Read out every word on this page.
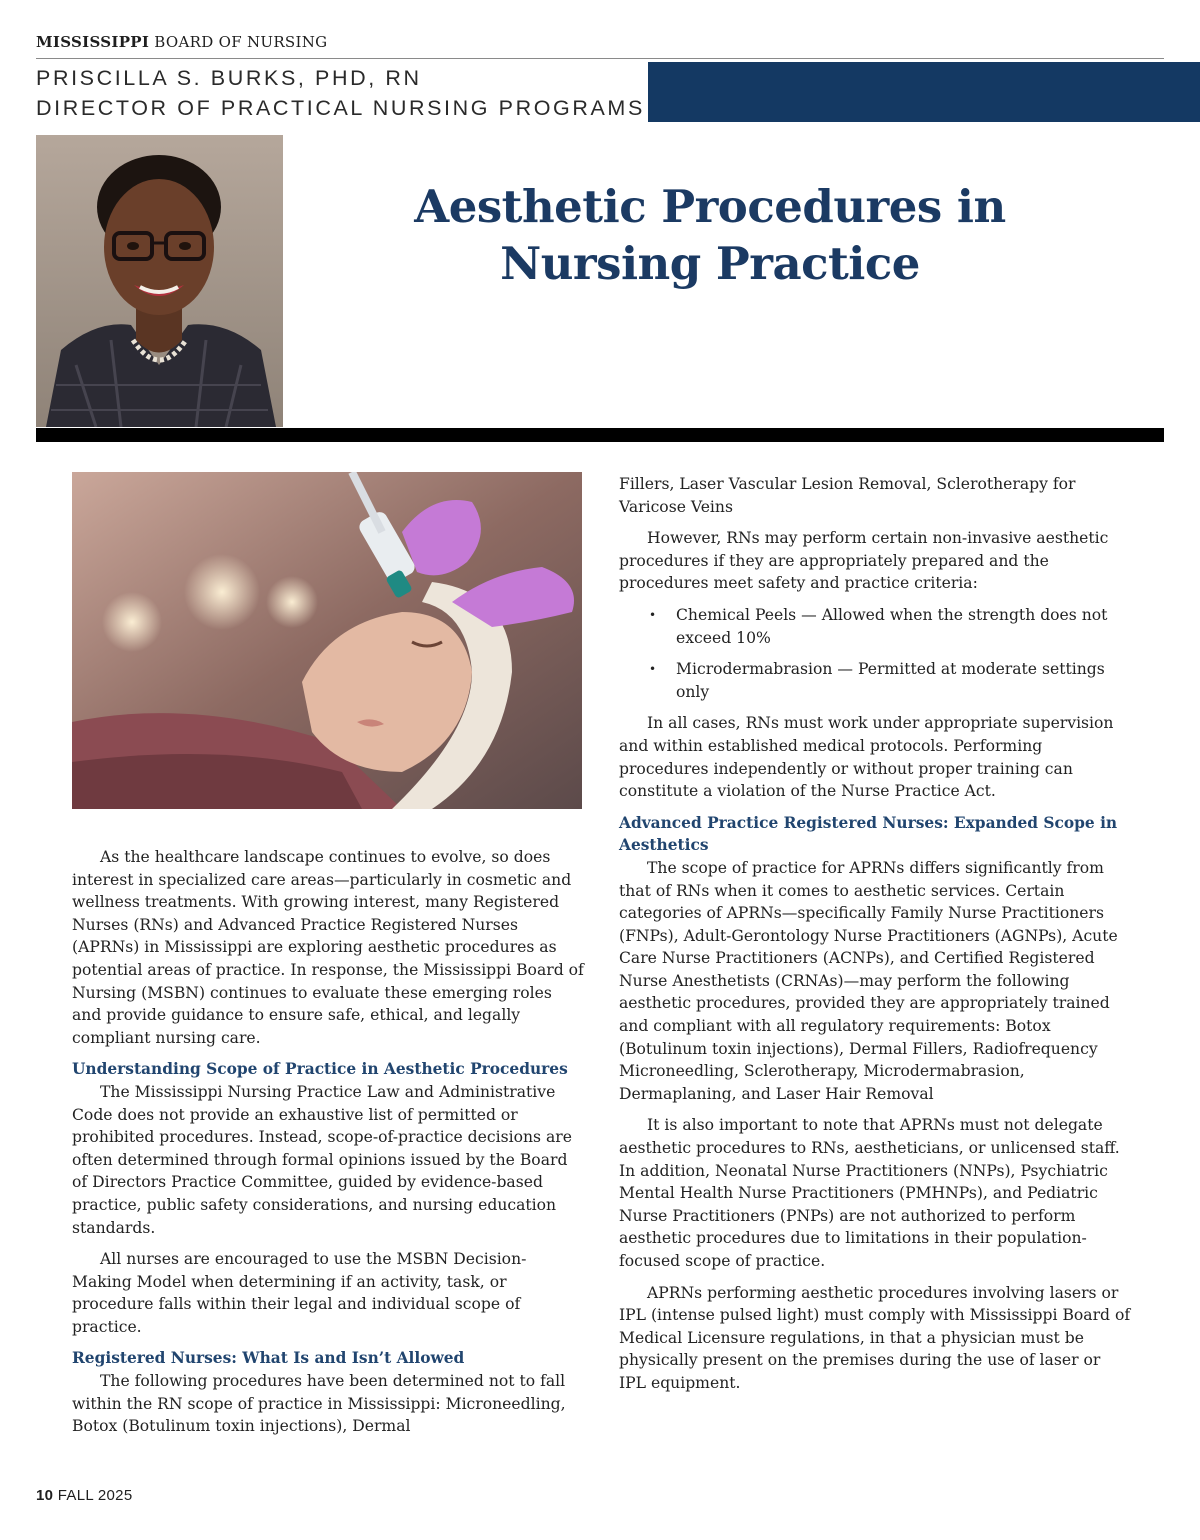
MISSISSIPPI BOARD OF NURSING
PRISCILLA S. BURKS, PHD, RN
DIRECTOR OF PRACTICAL NURSING PROGRAMS
Aesthetic Procedures in
Nursing Practice

As the healthcare landscape continues to evolve, so does interest in specialized care areas—particularly in cosmetic and wellness treatments. With growing interest, many Registered Nurses (RNs) and Advanced Practice Registered Nurses (APRNs) in Mississippi are exploring aesthetic procedures as potential areas of practice. In response, the Mississippi Board of Nursing (MSBN) continues to evaluate these emerging roles and provide guidance to ensure safe, ethical, and legally compliant nursing care.

Understanding Scope of Practice in Aesthetic Procedures

The Mississippi Nursing Practice Law and Administrative Code does not provide an exhaustive list of permitted or prohibited procedures. Instead, scope-of-practice decisions are often determined through formal opinions issued by the Board of Directors Practice Committee, guided by evidence-based practice, public safety considerations, and nursing education standards.

All nurses are encouraged to use the MSBN Decision-Making Model when determining if an activity, task, or procedure falls within their legal and individual scope of practice.

Registered Nurses: What Is and Isn’t Allowed

The following procedures have been determined not to fall within the RN scope of practice in Mississippi: Microneedling, Botox (Botulinum toxin injections), Dermal

Fillers, Laser Vascular Lesion Removal, Sclerotherapy for Varicose Veins

However, RNs may perform certain non-invasive aesthetic procedures if they are appropriately prepared and the procedures meet safety and practice criteria:

• Chemical Peels — Allowed when the strength does not exceed 10%
• Microdermabrasion — Permitted at moderate settings only

In all cases, RNs must work under appropriate supervision and within established medical protocols. Performing procedures independently or without proper training can constitute a violation of the Nurse Practice Act.

Advanced Practice Registered Nurses: Expanded Scope in Aesthetics

The scope of practice for APRNs differs significantly from that of RNs when it comes to aesthetic services. Certain categories of APRNs—specifically Family Nurse Practitioners (FNPs), Adult-Gerontology Nurse Practitioners (AGNPs), Acute Care Nurse Practitioners (ACNPs), and Certified Registered Nurse Anesthetists (CRNAs)—may perform the following aesthetic procedures, provided they are appropriately trained and compliant with all regulatory requirements: Botox (Botulinum toxin injections), Dermal Fillers, Radiofrequency Microneedling, Sclerotherapy, Microdermabrasion, Dermaplaning, and Laser Hair Removal

It is also important to note that APRNs must not delegate aesthetic procedures to RNs, aestheticians, or unlicensed staff. In addition, Neonatal Nurse Practitioners (NNPs), Psychiatric Mental Health Nurse Practitioners (PMHNPs), and Pediatric Nurse Practitioners (PNPs) are not authorized to perform aesthetic procedures due to limitations in their population-focused scope of practice.

APRNs performing aesthetic procedures involving lasers or IPL (intense pulsed light) must comply with Mississippi Board of Medical Licensure regulations, in that a physician must be physically present on the premises during the use of laser or IPL equipment.

10 FALL 2025
